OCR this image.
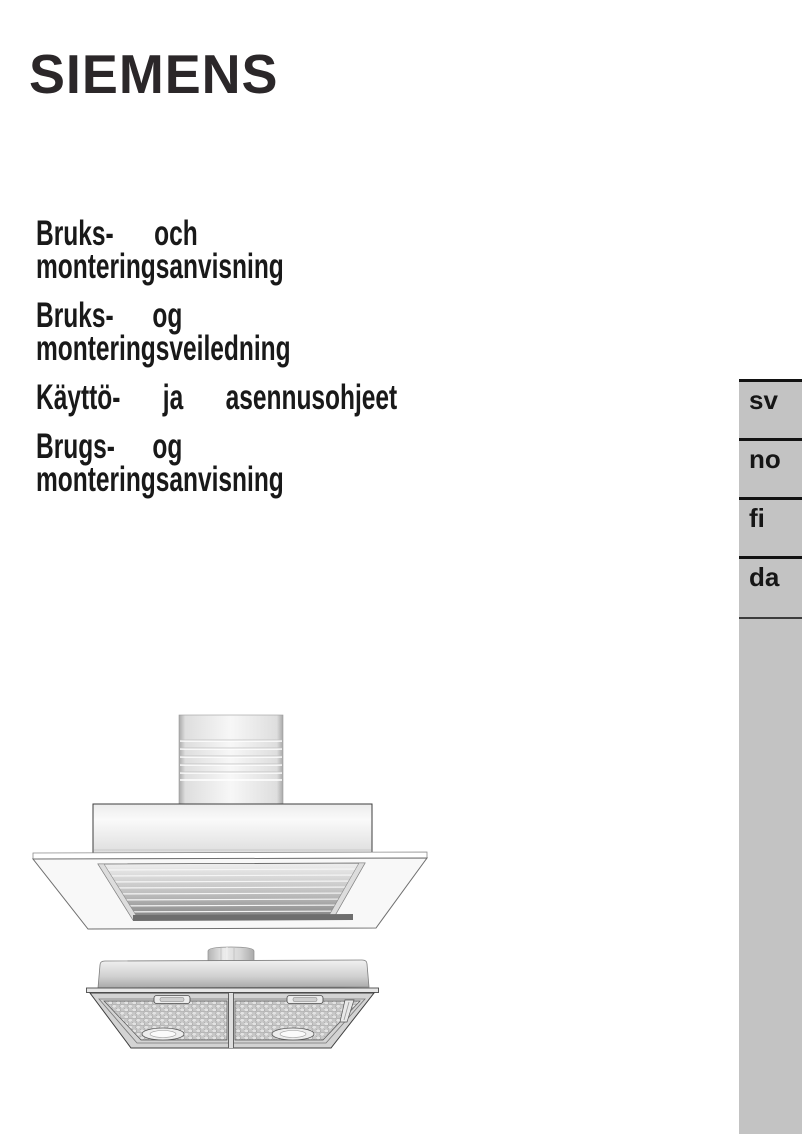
SIEMENS
Bruks- och
monteringsanvisning
Bruks- og
monteringsveiledning
Käyttö- ja asennusohjeet
Brugs- og
monteringsanvisning
sv
no
fi
da
